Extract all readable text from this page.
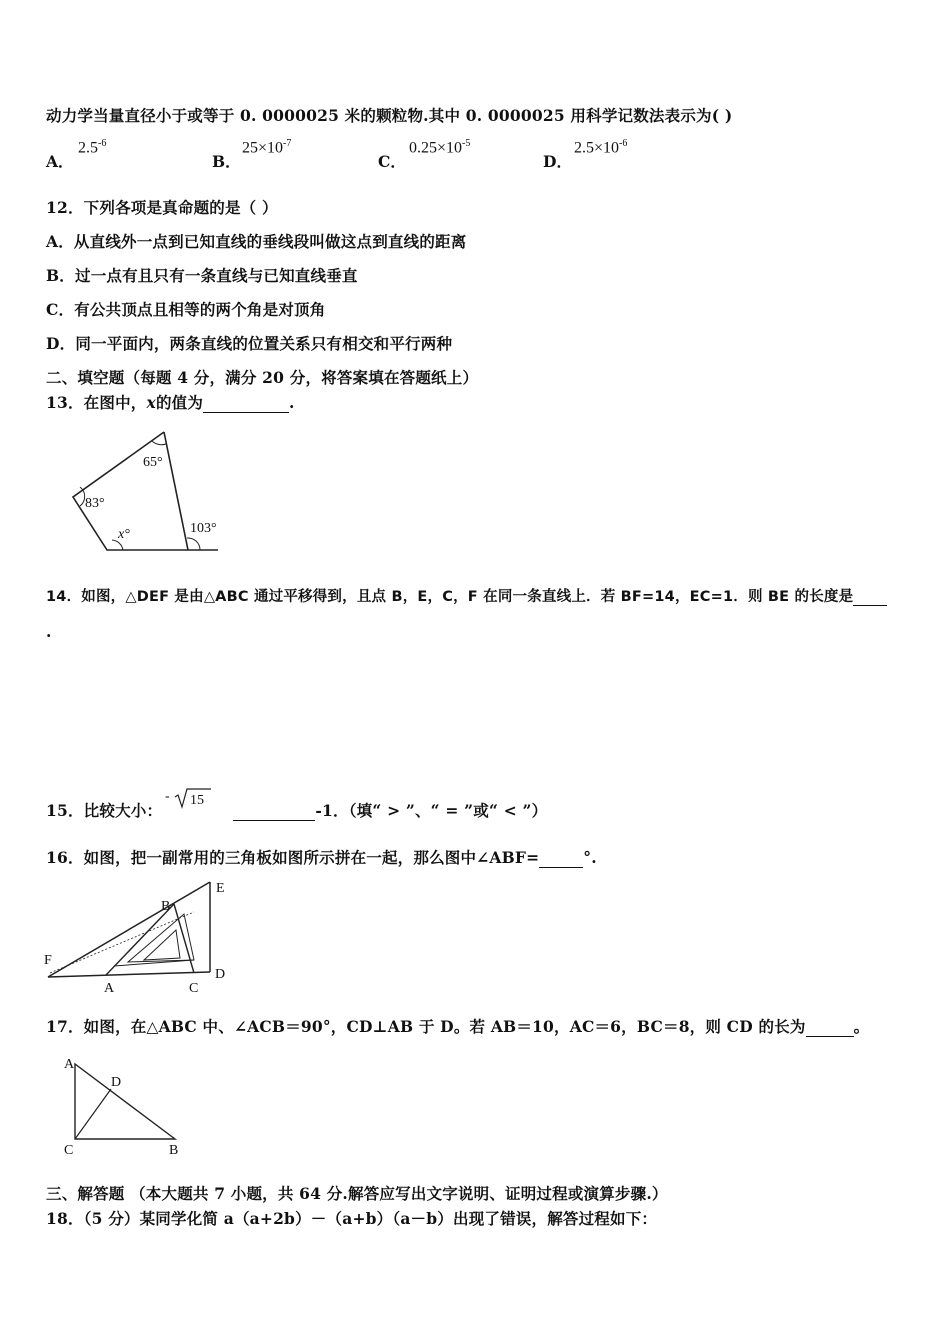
动力学当量直径小于或等于 0. 0000025 米的颗粒物.其中 0. 0000025 用科学记数法表示为( )
A．
$2.5^{-6}$
B．
$25\times 10^{-7}$
C．
$0.25\times 10^{-5}$
D．
$2.5\times 10^{-6}$
12．下列各项是真命题的是（ ）
A．从直线外一点到已知直线的垂线段叫做这点到直线的距离
B．过一点有且只有一条直线与已知直线垂直
C．有公共顶点且相等的两个角是对顶角
D．同一平面内，两条直线的位置关系只有相交和平行两种
二、填空题（每题 4 分，满分 20 分，将答案填在答题纸上）
13．在图中，x的值为	.
65°
83°
x°	103°
14．如图，△DEF 是由△ABC 通过平移得到，且点 B，E，C，F 在同一条直线上．若 BF=14，EC=1．则 BE 的长度是
.
15．比较大小：	-1．（填“ > ”、“ = ”或“ < ”）
- 15
16．如图，把一副常用的三角板如图所示拼在一起，那么图中∠ABF=	°.
E
B
F
A	C
D
17．如图，在△ABC 中、∠ACB＝90°，CD⊥AB 于 D。若 AB＝10，AC＝6，BC＝8，则 CD 的长为	。
A
D
C	B
三、解答题 （本大题共 7 小题，共 64 分.解答应写出文字说明、证明过程或演算步骤.）
18．（5 分）某同学化简 a（a+2b）－（a+b）（a－b）出现了错误，解答过程如下：
